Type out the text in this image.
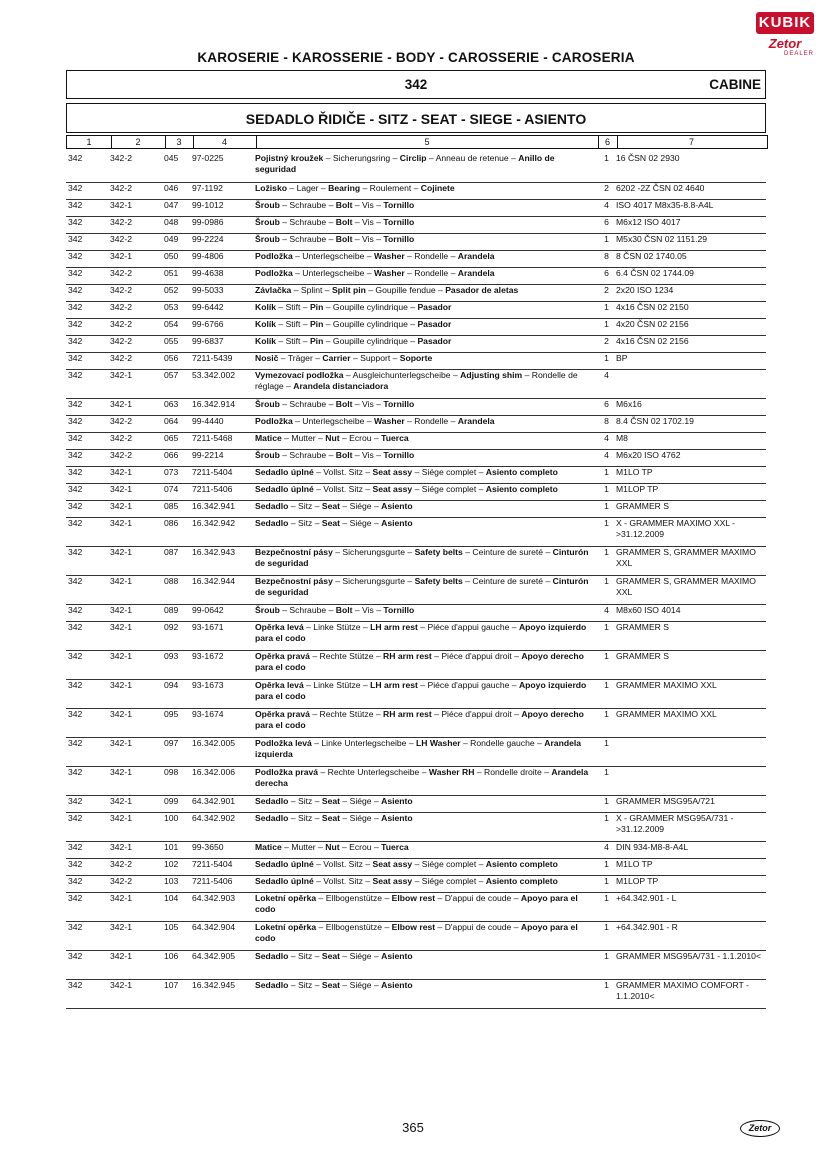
KUBIK
Zetor
DEALER
KAROSERIE - KAROSSERIE - BODY - CAROSSERIE - CAROSERIA
342	CABINE
SEDADLO ŘIDIČE - SITZ - SEAT - SIEGE - ASIENTO
1	2	3	4	5	6	7
342	342-2	045	97-0225	Pojistný kroužek – Sicherungsring – Circlip – Anneau de retenue – Anillo de seguridad	1	16 ČSN 02 2930
342	342-2	046	97-1192	Ložisko – Lager – Bearing – Roulement – Cojinete	2	6202 -2Z ČSN 02 4640
342	342-1	047	99-1012	Šroub – Schraube – Bolt – Vis – Tornillo	4	ISO 4017 M8x35-8.8-A4L
342	342-2	048	99-0986	Šroub – Schraube – Bolt – Vis – Tornillo	6	M6x12 ISO 4017
342	342-2	049	99-2224	Šroub – Schraube – Bolt – Vis – Tornillo	1	M5x30 ČSN 02 1151.29
342	342-1	050	99-4806	Podložka – Unterlegscheibe – Washer – Rondelle – Arandela	8	8 ČSN 02 1740.05
342	342-2	051	99-4638	Podložka – Unterlegscheibe – Washer – Rondelle – Arandela	6	6.4 ČSN 02 1744.09
342	342-2	052	99-5033	Závlačka – Splint – Split pin – Goupille fendue – Pasador de aletas	2	2x20 ISO 1234
342	342-2	053	99-6442	Kolík – Stift – Pin – Goupille cylindrique – Pasador	1	4x16 ČSN 02 2150
342	342-2	054	99-6766	Kolík – Stift – Pin – Goupille cylindrique – Pasador	1	4x20 ČSN 02 2156
342	342-2	055	99-6837	Kolík – Stift – Pin – Goupille cylindrique – Pasador	2	4x16 ČSN 02 2156
342	342-2	056	7211-5439	Nosič – Träger – Carrier – Support – Soporte	1	BP
342	342-1	057	53.342.002	Vymezovací podložka – Ausgleichunterlegscheibe – Adjusting shim – Rondelle de réglage – Arandela distanciadora	4	
342	342-1	063	16.342.914	Šroub – Schraube – Bolt – Vis – Tornillo	6	M6x16
342	342-2	064	99-4440	Podložka – Unterlegscheibe – Washer – Rondelle – Arandela	8	8.4 ČSN 02 1702.19
342	342-2	065	7211-5468	Matice – Mutter – Nut – Ecrou – Tuerca	4	M8
342	342-2	066	99-2214	Šroub – Schraube – Bolt – Vis – Tornillo	4	M6x20 ISO 4762
342	342-1	073	7211-5404	Sedadlo úplné – Vollst. Sitz – Seat assy – Siége complet – Asiento completo	1	M1LO TP
342	342-1	074	7211-5406	Sedadlo úplné – Vollst. Sitz – Seat assy – Siége complet – Asiento completo	1	M1LOP TP
342	342-1	085	16.342.941	Sedadlo – Sitz – Seat – Siége – Asiento	1	GRAMMER S
342	342-1	086	16.342.942	Sedadlo – Sitz – Seat – Siége – Asiento	1	X - GRAMMER MAXIMO XXL - >31.12.2009
342	342-1	087	16.342.943	Bezpečnostní pásy – Sicherungsgurte – Safety belts – Ceinture de sureté – Cinturón de seguridad	1	GRAMMER S, GRAMMER MAXIMO XXL
342	342-1	088	16.342.944	Bezpečnostní pásy – Sicherungsgurte – Safety belts – Ceinture de sureté – Cinturón de seguridad	1	GRAMMER S, GRAMMER MAXIMO XXL
342	342-1	089	99-0642	Šroub – Schraube – Bolt – Vis – Tornillo	4	M8x60 ISO 4014
342	342-1	092	93-1671	Opěrka levá – Linke Stütze – LH arm rest – Piéce d'appui gauche – Apoyo izquierdo para el codo	1	GRAMMER S
342	342-1	093	93-1672	Opěrka pravá – Rechte Stütze – RH arm rest – Piéce d'appui droit – Apoyo derecho para el codo	1	GRAMMER S
342	342-1	094	93-1673	Opěrka levá – Linke Stütze – LH arm rest – Piéce d'appui gauche – Apoyo izquierdo para el codo	1	GRAMMER MAXIMO XXL
342	342-1	095	93-1674	Opěrka pravá – Rechte Stütze – RH arm rest – Piéce d'appui droit – Apoyo derecho para el codo	1	GRAMMER MAXIMO XXL
342	342-1	097	16.342.005	Podložka levá – Linke Unterlegscheibe – LH Washer – Rondelle gauche – Arandela izquierda	1	
342	342-1	098	16.342.006	Podložka pravá – Rechte Unterlegscheibe – Washer RH – Rondelle droite – Arandela derecha	1	
342	342-1	099	64.342.901	Sedadlo – Sitz – Seat – Siége – Asiento	1	GRAMMER MSG95A/721
342	342-1	100	64.342.902	Sedadlo – Sitz – Seat – Siége – Asiento	1	X - GRAMMER MSG95A/731 - >31.12.2009
342	342-1	101	99-3650	Matice – Mutter – Nut – Ecrou – Tuerca	4	DIN 934-M8-8-A4L
342	342-2	102	7211-5404	Sedadlo úplné – Vollst. Sitz – Seat assy – Siége complet – Asiento completo	1	M1LO TP
342	342-2	103	7211-5406	Sedadlo úplné – Vollst. Sitz – Seat assy – Siége complet – Asiento completo	1	M1LOP TP
342	342-1	104	64.342.903	Loketní opěrka – Ellbogenstütze – Elbow rest – D'appui de coude – Apoyo para el codo	1	+64.342.901 - L
342	342-1	105	64.342.904	Loketní opěrka – Ellbogenstütze – Elbow rest – D'appui de coude – Apoyo para el codo	1	+64.342.901 - R
342	342-1	106	64.342.905	Sedadlo – Sitz – Seat – Siége – Asiento	1	GRAMMER MSG95A/731 - 1.1.2010<
342	342-1	107	16.342.945	Sedadlo – Sitz – Seat – Siége – Asiento	1	GRAMMER MAXIMO COMFORT - 1.1.2010<
365	Zetor
